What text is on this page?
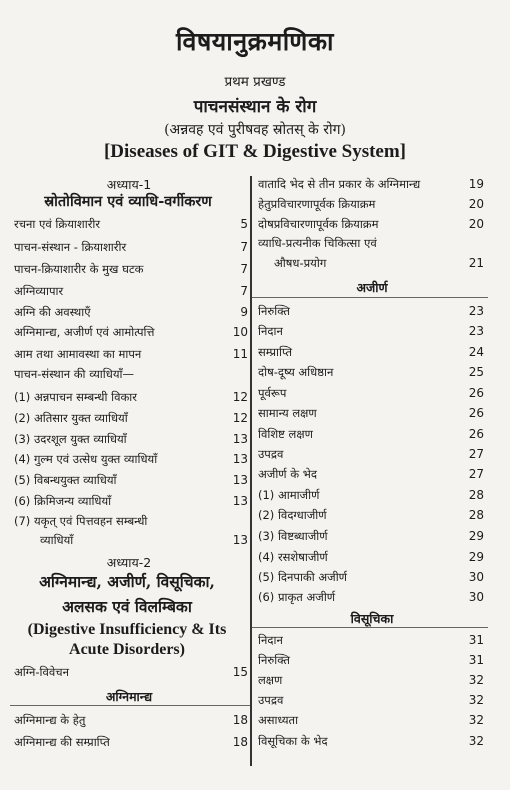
विषयानुक्रमणिका
प्रथम प्रखण्ड
पाचनसंस्थान के रोग
(अन्नवह एवं पुरीषवह स्रोतस् के रोग)
[Diseases of GIT & Digestive System]
अध्याय-1
स्रोतोविमान एवं व्याधि-वर्गीकरण
रचना एवं क्रियाशारीर	5
पाचन-संस्थान - क्रियाशारीर	7
पाचन-क्रियाशारीर के मुख घटक	7
अग्निव्यापार	7
अग्नि की अवस्थाएँ	9
अग्निमान्द्य, अजीर्ण एवं आमोत्पत्ति	10
आम तथा आमावस्था का मापन	11
पाचन-संस्थान की व्याधियाँ—
(1) अन्नपाचन सम्बन्धी विकार	12
(2) अतिसार युक्त व्याधियाँ	12
(3) उदरशूल युक्त व्याधियाँ	13
(4) गुल्म एवं उत्सेध युक्त व्याधियाँ	13
(5) विबन्धयुक्त व्याधियाँ	13
(6) क्रिमिजन्य व्याधियाँ	13
(7) यकृत् एवं पित्तवहन सम्बन्धी
व्याधियाँ	13
अध्याय-2
अग्निमान्द्य, अजीर्ण, विसूचिका,
अलसक एवं विलम्बिका
(Digestive Insufficiency & Its
Acute Disorders)
अग्नि-विवेचन	15
अग्निमान्द्य
अग्निमान्द्य के हेतु	18
अग्निमान्द्य की सम्प्राप्ति	18
वातादि भेद से तीन प्रकार के अग्निमान्द्य	19
हेतुप्रविचारणापूर्वक क्रियाक्रम	20
दोषप्रविचारणापूर्वक क्रियाक्रम	20
व्याधि-प्रत्यनीक चिकित्सा एवं
औषध-प्रयोग	21
अजीर्ण
निरुक्ति	23
निदान	23
सम्प्राप्ति	24
दोष-दूष्य अधिष्ठान	25
पूर्वरूप	26
सामान्य लक्षण	26
विशिष्ट लक्षण	26
उपद्रव	27
अजीर्ण के भेद	27
(1) आमाजीर्ण	28
(2) विदग्धाजीर्ण	28
(3) विष्टब्धाजीर्ण	29
(4) रसशेषाजीर्ण	29
(5) दिनपाकी अजीर्ण	30
(6) प्राकृत अजीर्ण	30
विसूचिका
निदान	31
निरुक्ति	31
लक्षण	32
उपद्रव	32
असाध्यता	32
विसूचिका के भेद	32
